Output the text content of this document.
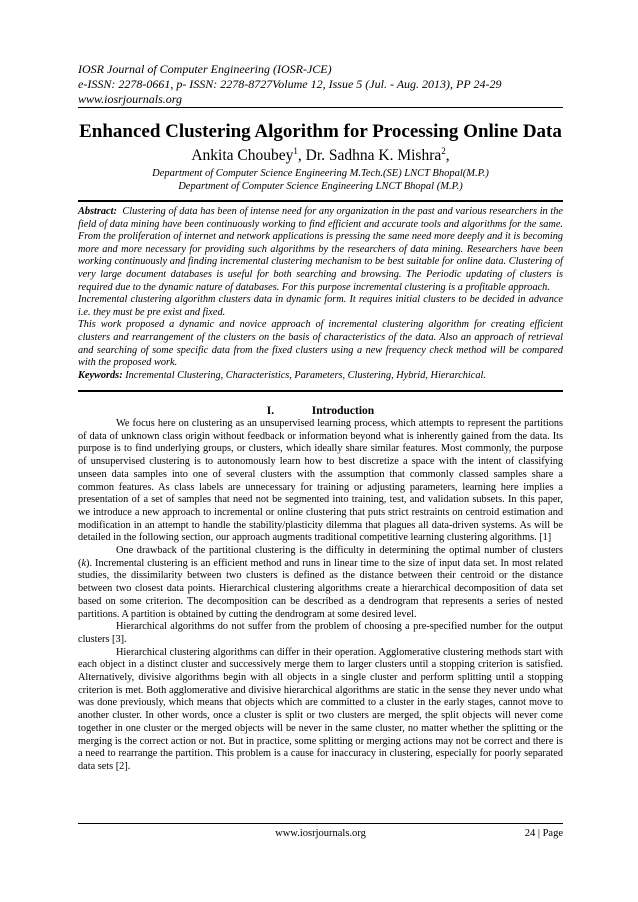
IOSR Journal of Computer Engineering (IOSR-JCE)
e-ISSN: 2278-0661, p- ISSN: 2278-8727Volume 12, Issue 5 (Jul. - Aug. 2013), PP 24-29
www.iosrjournals.org
Enhanced Clustering Algorithm for Processing Online Data
Ankita Choubey$^1$, Dr. Sadhna K. Mishra$^2$,
Department of Computer Science Engineering M.Tech.(SE) LNCT Bhopal(M.P.)
Department of Computer Science Engineering LNCT Bhopal (M.P.)

Abstract: Clustering of data has been of intense need for any organization in the past and various researchers in the field of data mining have been continuously working to find efficient and accurate tools and algorithms for the same. From the proliferation of internet and network applications is pressing the same need more deeply and it is becoming more and more necessary for providing such algorithms by the researchers of data mining. Researchers have been working continuously and finding incremental clustering mechanism to be best suitable for online data. Clustering of very large document databases is useful for both searching and browsing. The Periodic updating of clusters is required due to the dynamic nature of databases. For this purpose incremental clustering is a profitable approach.

Incremental clustering algorithm clusters data in dynamic form. It requires initial clusters to be decided in advance i.e. they must be pre exist and fixed.

This work proposed a dynamic and novice approach of incremental clustering algorithm for creating efficient clusters and rearrangement of the clusters on the basis of characteristics of the data. Also an approach of retrieval and searching of some specific data from the fixed clusters using a new frequency check method will be compared with the proposed work.

Keywords: Incremental Clustering, Characteristics, Parameters, Clustering, Hybrid, Hierarchical.

I.	Introduction

We focus here on clustering as an unsupervised learning process, which attempts to represent the partitions of data of unknown class origin without feedback or information beyond what is inherently gained from the data. Its purpose is to find underlying groups, or clusters, which ideally share similar features. Most commonly, the purpose of unsupervised clustering is to autonomously learn how to best discretize a space with the intent of classifying unseen data samples into one of several clusters with the assumption that commonly classed samples share a common features. As class labels are unnecessary for training or adjusting parameters, learning here implies a presentation of a set of samples that need not be segmented into training, test, and validation subsets. In this paper, we introduce a new approach to incremental or online clustering that puts strict restraints on centroid estimation and modification in an attempt to handle the stability/plasticity dilemma that plagues all data-driven systems. As will be detailed in the following section, our approach augments traditional competitive learning clustering algorithms. [1]

One drawback of the partitional clustering is the difficulty in determining the optimal number of clusters (k). Incremental clustering is an efficient method and runs in linear time to the size of input data set. In most related studies, the dissimilarity between two clusters is defined as the distance between their centroid or the distance between two closest data points. Hierarchical clustering algorithms create a hierarchical decomposition of data set based on some criterion. The decomposition can be described as a dendrogram that represents a series of nested partitions. A partition is obtained by cutting the dendrogram at some desired level.

Hierarchical algorithms do not suffer from the problem of choosing a pre-specified number for the output clusters [3].

Hierarchical clustering algorithms can differ in their operation. Agglomerative clustering methods start with each object in a distinct cluster and successively merge them to larger clusters until a stopping criterion is satisfied. Alternatively, divisive algorithms begin with all objects in a single cluster and perform splitting until a stopping criterion is met. Both agglomerative and divisive hierarchical algorithms are static in the sense they never undo what was done previously, which means that objects which are committed to a cluster in the early stages, cannot move to another cluster. In other words, once a cluster is split or two clusters are merged, the split objects will never come together in one cluster or the merged objects will be never in the same cluster, no matter whether the splitting or the merging is the correct action or not. But in practice, some splitting or merging actions may not be correct and there is a need to rearrange the partition. This problem is a cause for inaccuracy in clustering, especially for poorly separated data sets [2].

www.iosrjournals.org	24 | Page
